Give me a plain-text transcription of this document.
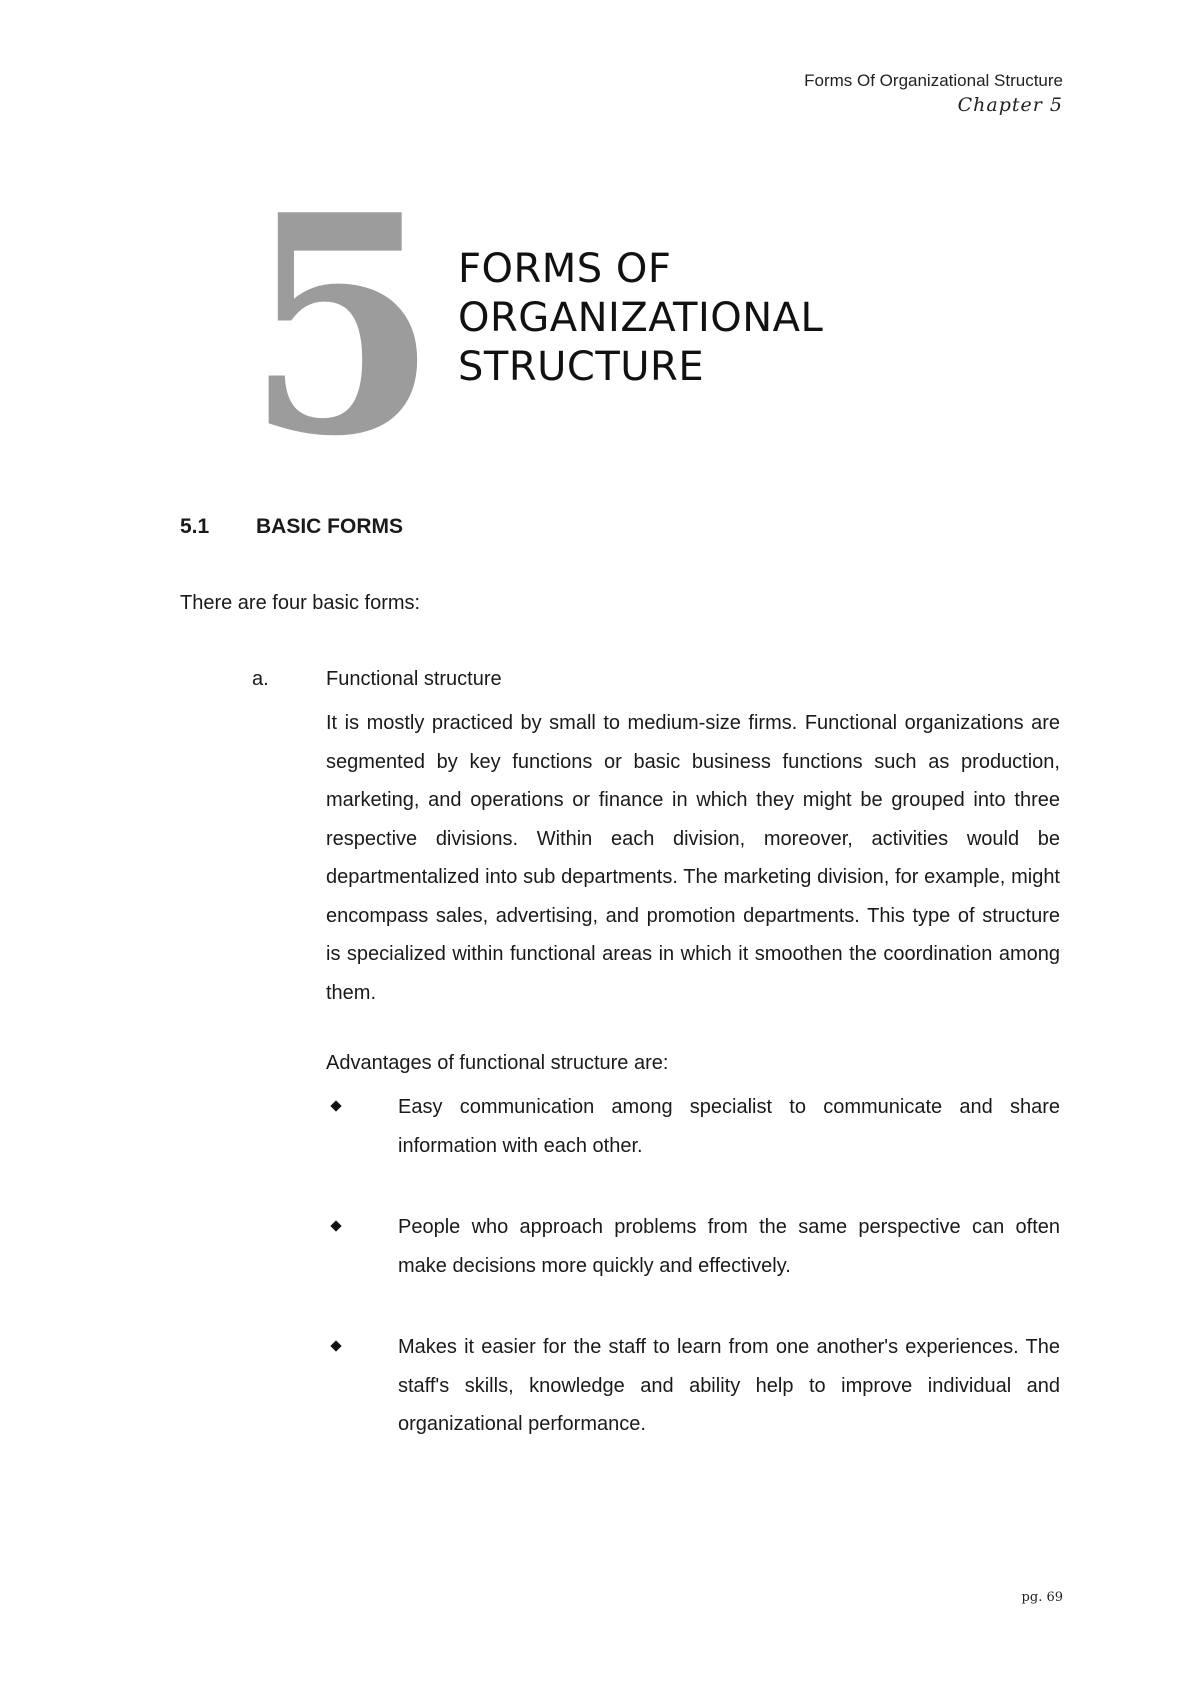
Forms Of Organizational Structure
Chapter 5
5 FORMS OF
ORGANIZATIONAL
STRUCTURE
5.1 BASIC FORMS

There are four basic forms:

a.	Functional structure

It is mostly practiced by small to medium-size firms. Functional organizations are segmented by key functions or basic business functions such as production, marketing, and operations or finance in which they might be grouped into three respective divisions. Within each division, moreover, activities would be departmentalized into sub departments. The marketing division, for example, might encompass sales, advertising, and promotion departments. This type of structure is specialized within functional areas in which it smoothen the coordination among them.

Advantages of functional structure are:

Easy communication among specialist to communicate and share information with each other.
People who approach problems from the same perspective can often make decisions more quickly and effectively.
Makes it easier for the staff to learn from one another's experiences. The staff's skills, knowledge and ability help to improve individual and organizational performance.
pg. 69
